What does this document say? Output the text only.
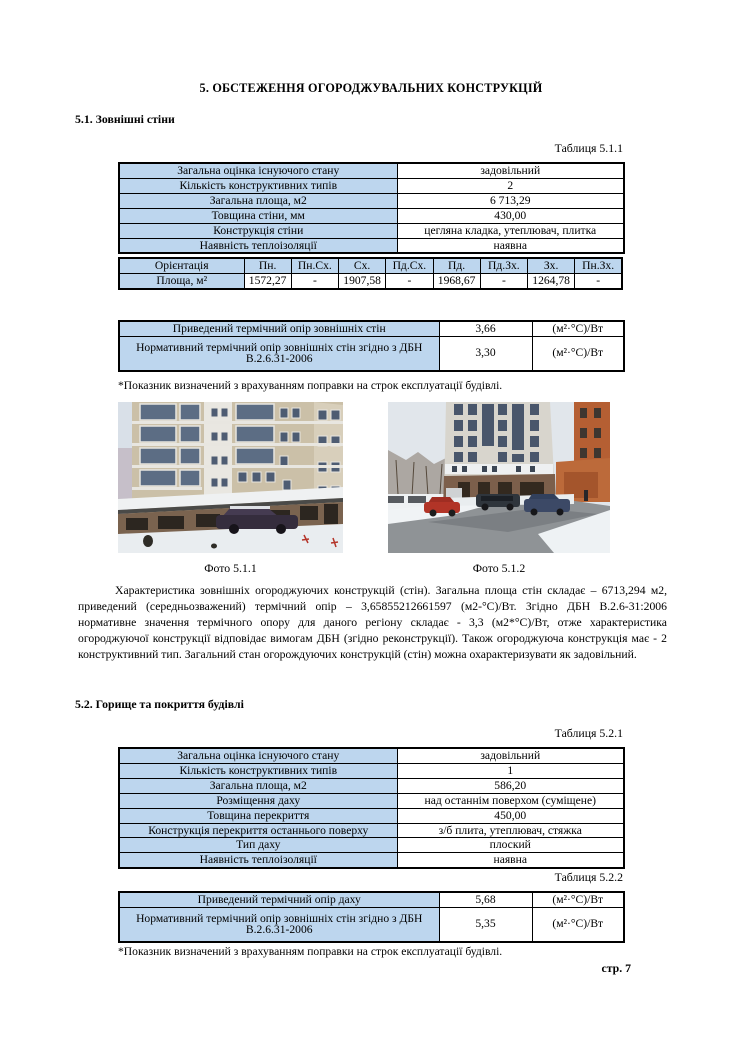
5. ОБСТЕЖЕННЯ ОГОРОДЖУВАЛЬНИХ КОНСТРУКЦІЙ
5.1. Зовнішні стіни
Таблиця 5.1.1
Загальна оцінка існуючого стану	задовільний
Кількість конструктивних типів	2
Загальна площа, м2	6 713,29
Товщина стіни, мм	430,00
Конструкція стіни	цегляна кладка, утеплювач, плитка
Наявність теплоізоляції	наявна
Орієнтація	Пн.	Пн.Сх.	Сх.	Пд.Сх.	Пд.	Пд.Зх.	Зх.	Пн.Зх.
Площа, м²	1572,27	-	1907,58	-	1968,67	-	1264,78	-
Приведений термічний опір зовнішніх стін	3,66	(м²·°С)/Вт
Нормативний термічний опір зовнішніх стін згідно з ДБН В.2.6.31-2006	3,30	(м²·°С)/Вт
*Показник визначений з врахуванням поправки на строк експлуатації будівлі.
Фото 5.1.1	Фото 5.1.2
Характеристика зовнішніх огороджуючих конструкцій (стін). Загальна площа стін складає – 6713,294 м2, приведений (середньозважений) термічний опір – 3,65855212661597 (м2-°С)/Вт. Згідно ДБН В.2.6-31:2006 нормативне значення термічного опору для даного регіону складає - 3,3 (м2*°С)/Вт, отже характеристика огороджуючої конструкції відповідає вимогам ДБН (згідно реконструкції). Також огороджуюча конструкція має - 2 конструктивний тип. Загальний стан огорождуючих конструкцій (стін) можна охарактеризувати як задовільний.
5.2. Горище та покриття будівлі
Таблиця 5.2.1
Загальна оцінка існуючого стану	задовільний
Кількість конструктивних типів	1
Загальна площа, м2	586,20
Розміщення даху	над останнім поверхом (суміщене)
Товщина перекриття	450,00
Конструкція перекриття останнього поверху	з/б плита, утеплювач, стяжка
Тип даху	плоский
Наявність теплоізоляції	наявна
Таблиця 5.2.2
Приведений термічний опір даху	5,68	(м²·°С)/Вт
Нормативний термічний опір зовнішніх стін згідно з ДБН В.2.6.31-2006	5,35	(м²·°С)/Вт
*Показник визначений з врахуванням поправки на строк експлуатації будівлі.
стр. 7
